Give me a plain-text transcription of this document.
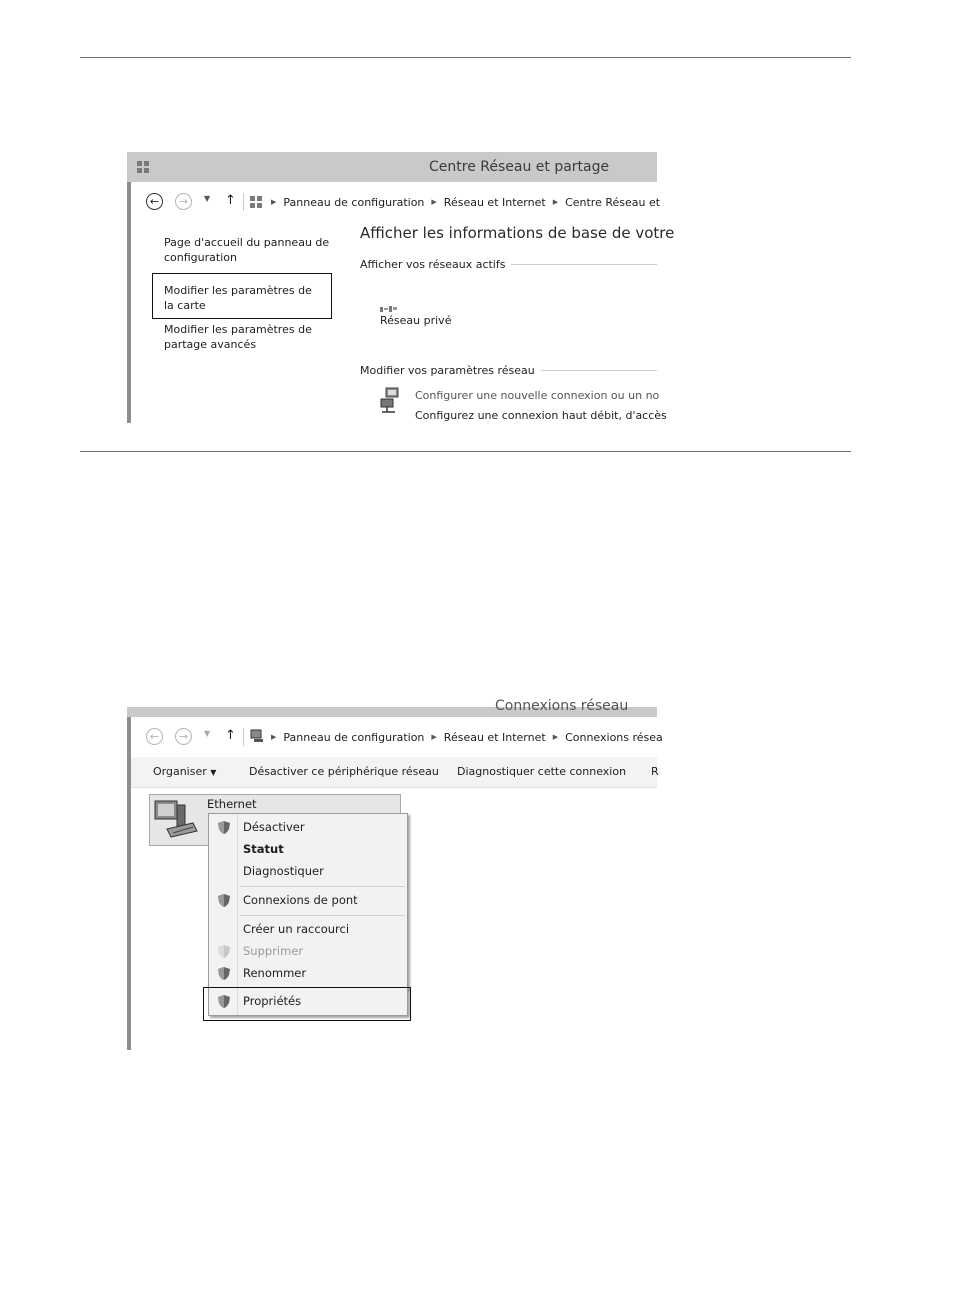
Centre Réseau et partage
←	→	▼ ↑	▶ Panneau de configuration ▶ Réseau et Internet ▶ Centre Réseau et
Page d'accueil du panneau de configuration
Modifier les paramètres de la carte
Modifier les paramètres de partage avancés
Afficher les informations de base de votre
Afficher vos réseaux actifs
Réseau privé
Modifier vos paramètres réseau
Configurer une nouvelle connexion ou un no
Configurez une connexion haut débit, d'accès
Connexions réseau
←	→	▼ ↑	▶ Panneau de configuration ▶ Réseau et Internet ▶ Connexions résea
Organiser ▼	Désactiver ce périphérique réseau Diagnostiquer cette connexion R
Ethernet
Désactiver
Statut
Diagnostiquer
Connexions de pont
Créer un raccourci
Supprimer
Renommer
Propriétés
